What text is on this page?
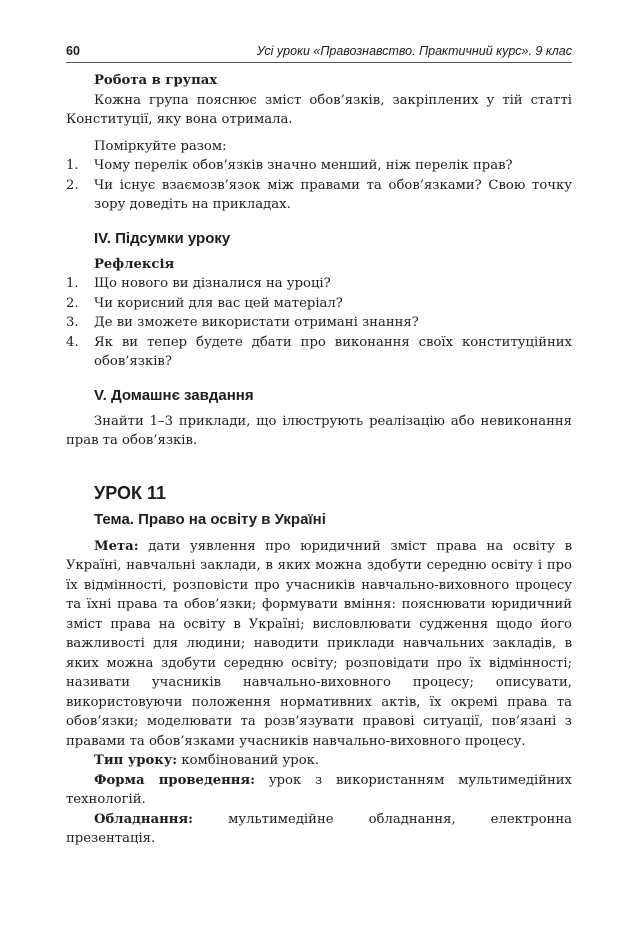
60	Усі уроки «Правознавство. Практичний курс». 9 клас
Робота в групах

Кожна група пояснює зміст обов’язків, закріплених у тій статті Конституції, яку вона отримала.

Поміркуйте разом:
1. Чому перелік обов’язків значно менший, ніж перелік прав?
2. Чи існує взаємозв’язок між правами та обов’язками? Свою точку зору доведіть на прикладах.
IV. Підсумки уроку
Рефлексія
1. Що нового ви дізналися на уроці?
2. Чи корисний для вас цей матеріал?
3. Де ви зможете використати отримані знання?
4. Як ви тепер будете дбати про виконання своїх конституційних обов’язків?
V. Домашнє завдання

Знайти 1–3 приклади, що ілюструють реалізацію або невиконання прав та обов’язків.

УРОК 11
Тема. Право на освіту в Україні

Мета: дати уявлення про юридичний зміст права на освіту в Україні, навчальні заклади, в яких можна здобути середню освіту і про їх відмінності, розповісти про учасників навчально-виховного процесу та їхні права та обов’язки; формувати вміння: пояснювати юридичний зміст права на освіту в Україні; висловлювати судження щодо його важливості для людини; наводити приклади навчальних закладів, в яких можна здобути середню освіту; розповідати про їх відмінності; називати учасників навчально-виховного процесу; описувати, використовуючи положення нормативних актів, їх окремі права та обов’язки; моделювати та розв’язувати правові ситуації, пов’язані з правами та обов’язками учасників навчально-виховного процесу.

Тип уроку: комбінований урок.

Форма проведення: урок з використанням мультимедійних технологій.

Обладнання: мультимедійне обладнання, електронна презентація.
